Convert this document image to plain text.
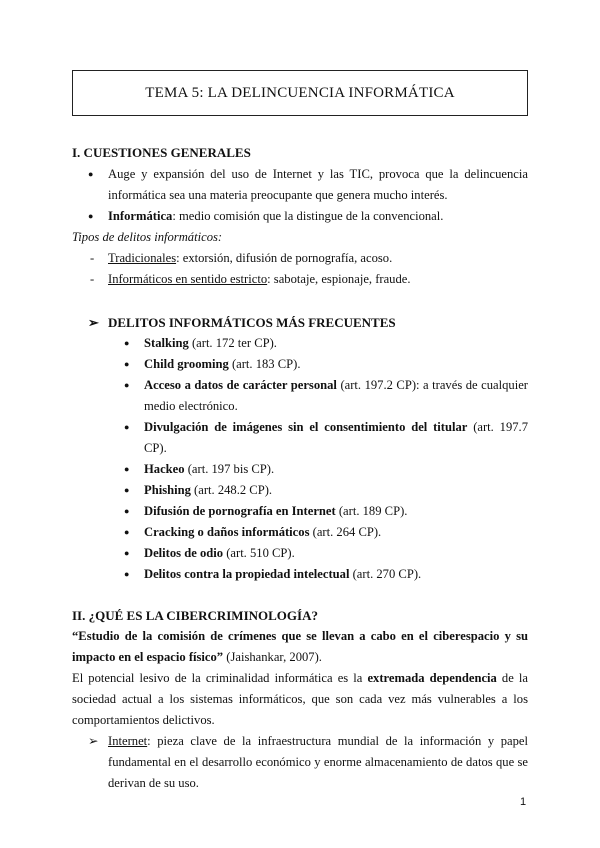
TEMA 5: LA DELINCUENCIA INFORMÁTICA
I. CUESTIONES GENERALES
● Auge y expansión del uso de Internet y las TIC, provoca que la delincuencia informática sea una materia preocupante que genera mucho interés.
● Informática: medio comisión que la distingue de la convencional.

Tipos de delitos informáticos:

- Tradicionales: extorsión, difusión de pornografía, acoso.
- Informáticos en sentido estricto: sabotaje, espionaje, fraude.
➢ DELITOS INFORMÁTICOS MÁS FRECUENTES
● Stalking (art. 172 ter CP).
● Child grooming (art. 183 CP).
● Acceso a datos de carácter personal (art. 197.2 CP): a través de cualquier medio electrónico.
● Divulgación de imágenes sin el consentimiento del titular (art. 197.7 CP).
● Hackeo (art. 197 bis CP).
● Phishing (art. 248.2 CP).
● Difusión de pornografía en Internet (art. 189 CP).
● Cracking o daños informáticos (art. 264 CP).
● Delitos de odio (art. 510 CP).
● Delitos contra la propiedad intelectual (art. 270 CP).
II. ¿QUÉ ES LA CIBERCRIMINOLOGÍA?

“Estudio de la comisión de crímenes que se llevan a cabo en el ciberespacio y su impacto en el espacio físico” (Jaishankar, 2007).

El potencial lesivo de la criminalidad informática es la extremada dependencia de la sociedad actual a los sistemas informáticos, que son cada vez más vulnerables a los comportamientos delictivos.

➢ Internet: pieza clave de la infraestructura mundial de la información y papel fundamental en el desarrollo económico y enorme almacenamiento de datos que se derivan de su uso.
1
